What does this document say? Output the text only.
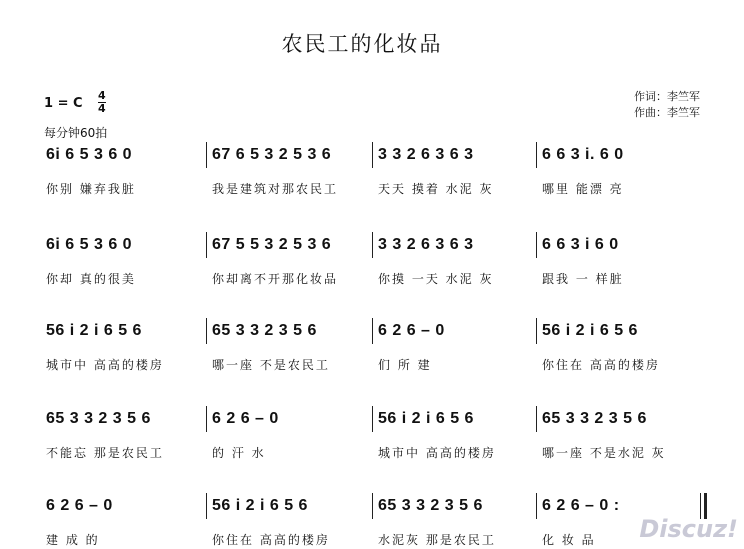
农民工的化妆品
作词：李竺军
作曲：李竺军
1 = C
4
4
每分钟60拍
6i 6 5 3 6 0
你别 嫌弃我脏
67 6 5 3 2 5 3 6
我是建筑对那农民工
3 3 2 6 3 6 3
天天 摸着 水泥 灰
6 6 3 i. 6 0
哪里 能漂 亮
6i 6 5 3 6 0
你却 真的很美
67 5 5 3 2 5 3 6
你却离不开那化妆品
3 3 2 6 3 6 3
你摸 一天 水泥 灰
6 6 3 i 6 0
跟我 一 样脏
56 i 2 i 6 5 6
城市中 高高的楼房
65 3 3 2 3 5 6
哪一座 不是农民工
6 2 6 – 0
们 所 建
56 i 2 i 6 5 6
你住在 高高的楼房
65 3 3 2 3 5 6
不能忘 那是农民工
6 2 6 – 0
的 汗 水
56 i 2 i 6 5 6
城市中 高高的楼房
65 3 3 2 3 5 6
哪一座 不是水泥 灰
6 2 6 – 0
建 成 的
56 i 2 i 6 5 6
你住在 高高的楼房
65 3 3 2 3 5 6
水泥灰 那是农民工
6 2 6 – 0 :
化 妆 品 Discuz!
